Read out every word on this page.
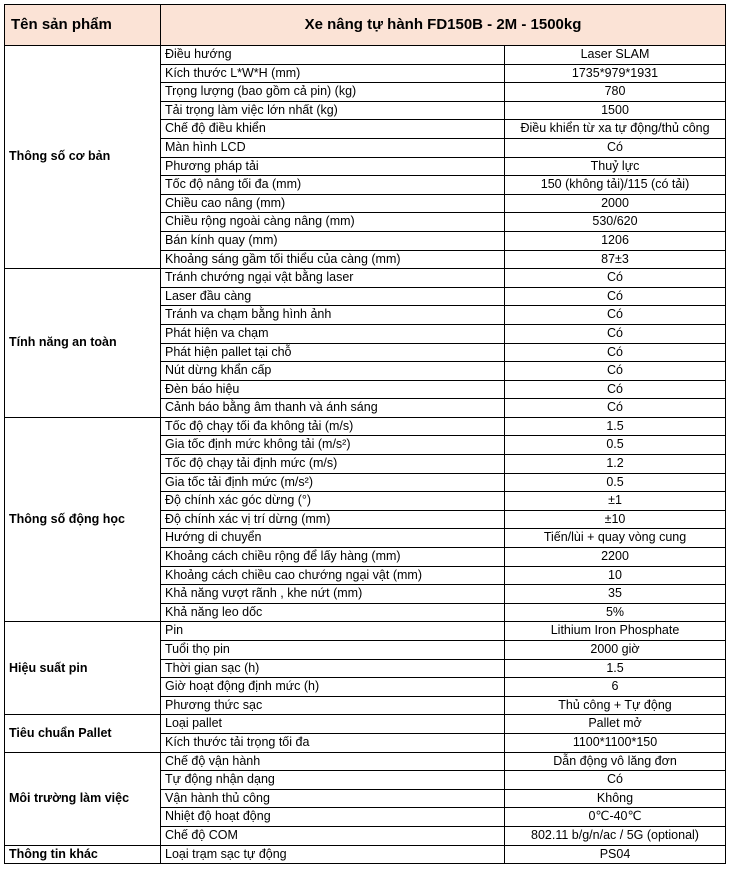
Tên sản phẩm	Xe nâng tự hành FD150B - 2M - 1500kg	
Thông số cơ bản	Điều hướng	Laser SLAM
	Kích thước L*W*H (mm)	1735*979*1931
	Trọng lượng (bao gồm cả pin) (kg)	780
	Tải trọng làm việc lớn nhất (kg)	1500
	Chế độ điều khiển	Điều khiển từ xa tự động/thủ công
	Màn hình LCD	Có
	Phương pháp tải	Thuỷ lực
	Tốc độ nâng tối đa (mm)	150 (không tải)/115 (có tải)
	Chiều cao nâng (mm)	2000
	Chiều rộng ngoài càng nâng (mm)	530/620
	Bán kính quay (mm)	1206
	Khoảng sáng gầm tối thiểu của càng (mm)	87±3
Tính năng an toàn	Tránh chướng ngại vật bằng laser	Có
	Laser đầu càng	Có
	Tránh va chạm bằng hình ảnh	Có
	Phát hiện va chạm	Có
	Phát hiện pallet tại chỗ	Có
	Nút dừng khẩn cấp	Có
	Đèn báo hiệu	Có
	Cảnh báo bằng âm thanh và ánh sáng	Có
Thông số động học	Tốc độ chạy tối đa không tải (m/s)	1.5
	Gia tốc định mức không tải (m/s²)	0.5
	Tốc độ chạy tải định mức (m/s)	1.2
	Gia tốc tải định mức (m/s²)	0.5
	Độ chính xác góc dừng (°)	±1
	Độ chính xác vị trí dừng (mm)	±10
	Hướng di chuyển	Tiến/lùi + quay vòng cung
	Khoảng cách chiều rộng để lấy hàng (mm)	2200
	Khoảng cách chiều cao chướng ngại vật (mm)	10
	Khả năng vượt rãnh , khe nứt (mm)	35
	Khả năng leo dốc	5%
Hiệu suất pin	Pin	Lithium Iron Phosphate
	Tuổi thọ pin	2000 giờ
	Thời gian sạc (h)	1.5
	Giờ hoạt động định mức (h)	6
	Phương thức sạc	Thủ công + Tự động
Tiêu chuẩn Pallet	Loại pallet	Pallet mở
	Kích thước tải trọng tối đa	1100*1100*150
Môi trường làm việc	Chế độ vận hành	Dẫn động vô lăng đơn
	Tự động nhận dạng	Có
	Vận hành thủ công	Không
	Nhiệt độ hoạt động	0℃-40℃
	Chế độ COM	802.11 b/g/n/ac / 5G (optional)
Thông tin khác	Loại trạm sạc tự động	PS04
